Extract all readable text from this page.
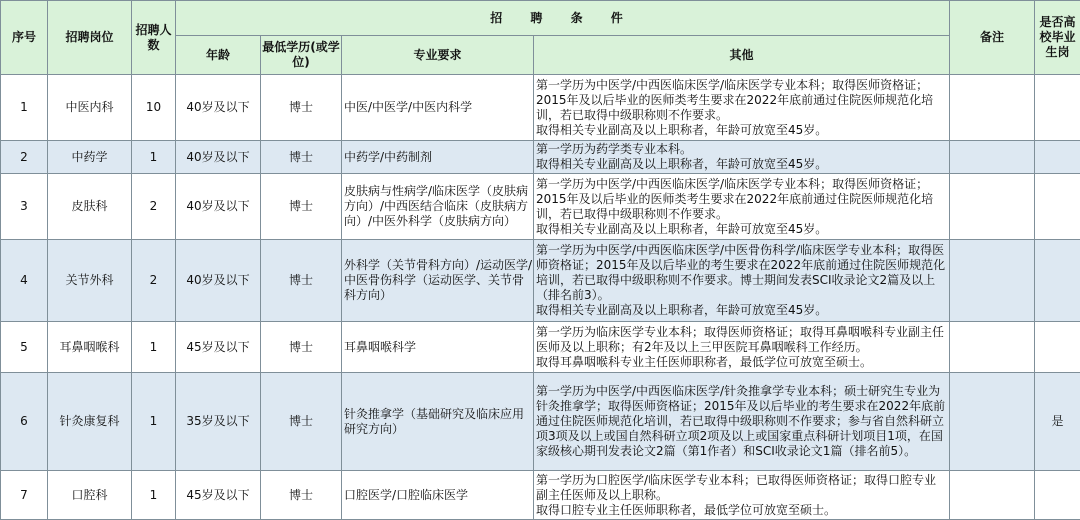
序号	招聘岗位	招聘人数	招 聘 条 件				备注	是否高校毕业生岗
			年龄	最低学历(或学位)	专业要求	其他		
1	中医内科	10	40岁及以下	博士	中医/中医学/中医内科学	第一学历为中医学/中西医临床医学/临床医学专业本科；取得医师资格证；2015年及以后毕业的医师类考生要求在2022年底前通过住院医师规范化培训，若已取得中级职称则不作要求。
取得相关专业副高及以上职称者，年龄可放宽至45岁。		
2	中药学	1	40岁及以下	博士	中药学/中药制剂	第一学历为药学类专业本科。
取得相关专业副高及以上职称者，年龄可放宽至45岁。		
3	皮肤科	2	40岁及以下	博士	皮肤病与性病学/临床医学（皮肤病方向）/中西医结合临床（皮肤病方向）/中医外科学（皮肤病方向）	第一学历为中医学/中西医临床医学/临床医学专业本科；取得医师资格证；2015年及以后毕业的医师类考生要求在2022年底前通过住院医师规范化培训，若已取得中级职称则不作要求。
取得相关专业副高及以上职称者，年龄可放宽至45岁。		
4	关节外科	2	40岁及以下	博士	外科学（关节骨科方向）/运动医学/中医骨伤科学（运动医学、关节骨科方向）	第一学历为中医学/中西医临床医学/中医骨伤科学/临床医学专业本科；取得医师资格证；2015年及以后毕业的考生要求在2022年底前通过住院医师规范化培训，若已取得中级职称则不作要求。博士期间发表SCI收录论文2篇及以上（排名前3）。
取得相关专业副高及以上职称者，年龄可放宽至45岁。		
5	耳鼻咽喉科	1	45岁及以下	博士	耳鼻咽喉科学	第一学历为临床医学专业本科；取得医师资格证；取得耳鼻咽喉科专业副主任医师及以上职称；有2年及以上三甲医院耳鼻咽喉科工作经历。
取得耳鼻咽喉科专业主任医师职称者，最低学位可放宽至硕士。		
6	针灸康复科	1	35岁及以下	博士	针灸推拿学（基础研究及临床应用研究方向）	第一学历为中医学/中西医临床医学/针灸推拿学专业本科；硕士研究生专业为针灸推拿学；取得医师资格证；2015年及以后毕业的考生要求在2022年底前通过住院医师规范化培训，若已取得中级职称则不作要求；参与省自然科研立项3项及以上或国自然科研立项2项及以上或国家重点科研计划项目1项，在国家级核心期刊发表论文2篇（第1作者）和SCI收录论文1篇（排名前5）。		是
7	口腔科	1	45岁及以下	博士	口腔医学/口腔临床医学	第一学历为口腔医学/临床医学专业本科；已取得医师资格证；取得口腔专业副主任医师及以上职称。
取得口腔专业主任医师职称者，最低学位可放宽至硕士。		
